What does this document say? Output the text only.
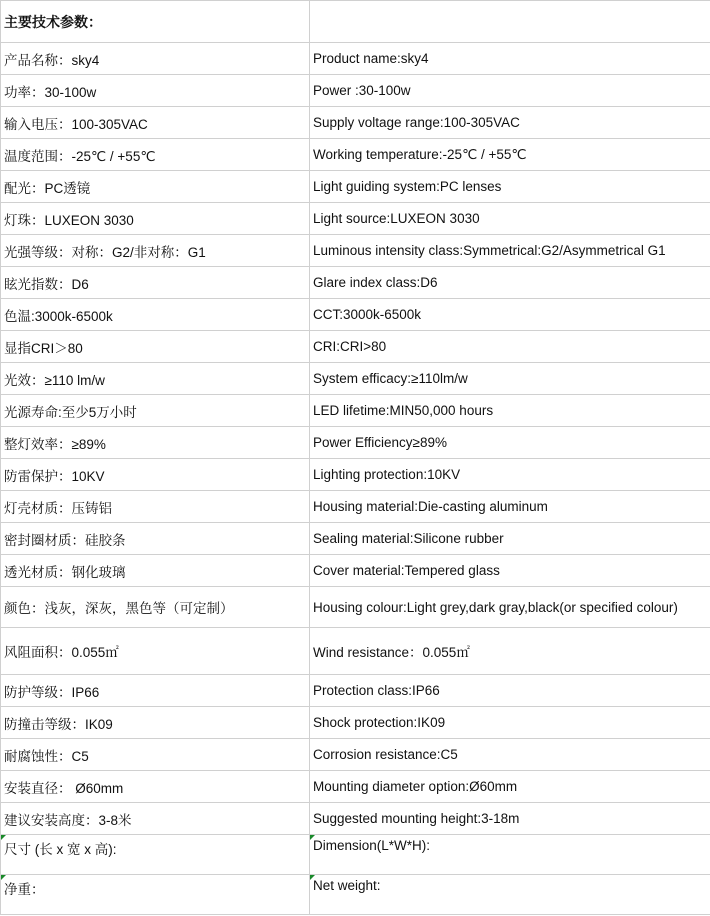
主要技术参数：	
产品名称：sky4	Product name:sky4
功率：30-100w	Power :30-100w
输入电压：100-305VAC	Supply voltage range:100-305VAC
温度范围：-25℃ / +55℃	Working temperature:-25℃ / +55℃
配光：PC透镜	Light guiding system:PC lenses
灯珠：LUXEON 3030	Light source:LUXEON 3030
光强等级：对称：G2/非对称：G1	Luminous intensity class:Symmetrical:G2/Asymmetrical G1
眩光指数：D6	Glare index class:D6
色温:3000k-6500k	CCT:3000k-6500k
显指CRI＞80	CRI:CRI>80
光效：≥110 lm/w	System efficacy:≥110lm/w
光源寿命:至少5万小时	LED lifetime:MIN50,000 hours
整灯效率：≥89%	Power Efficiency≥89%
防雷保护：10KV	Lighting protection:10KV
灯壳材质：压铸铝	Housing material:Die-casting aluminum
密封圈材质：硅胶条	Sealing material:Silicone rubber
透光材质：钢化玻璃	Cover material:Tempered glass
颜色：浅灰，深灰，黑色等（可定制）	Housing colour:Light grey,dark gray,black(or specified colour)
风阻面积：0.055㎡	Wind resistance：0.055㎡
防护等级：IP66	Protection class:IP66
防撞击等级：IK09	Shock protection:IK09
耐腐蚀性：C5	Corrosion resistance:C5
安装直径： Ø60mm	Mounting diameter option:Ø60mm
建议安装高度：3-8米	Suggested mounting height:3-18m

尺寸 (长 x 宽 x 高):	Dimension(L*W*H):

净重：	Net weight:
